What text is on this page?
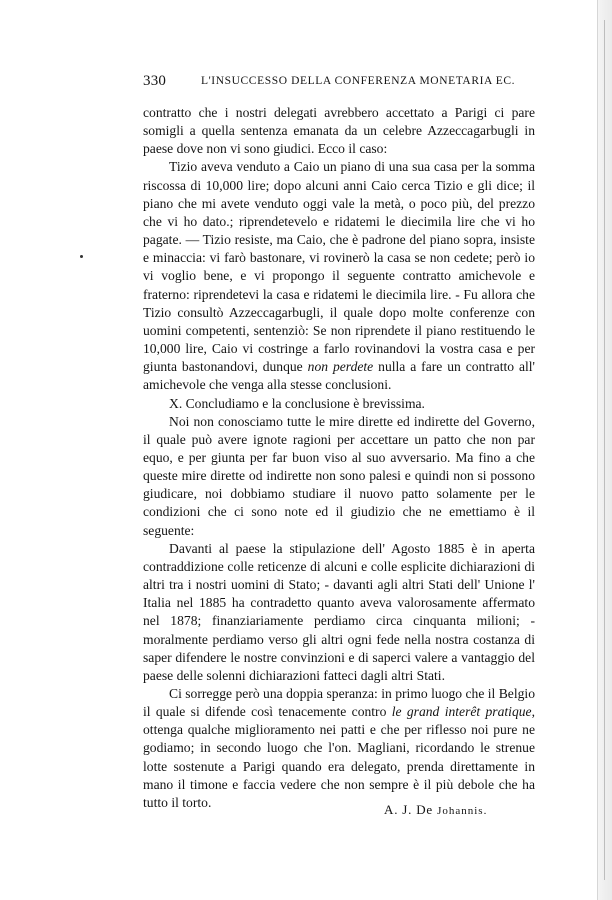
330	L'INSUCCESSO DELLA CONFERENZA MONETARIA EC.

contratto che i nostri delegati avrebbero accettato a Parigi ci pare somigli a quella sentenza emanata da un celebre Azzeccagarbugli in paese dove non vi sono giudici. Ecco il caso:

Tizio aveva venduto a Caio un piano di una sua casa per la somma riscossa di 10,000 lire; dopo alcuni anni Caio cerca Tizio e gli dice; il piano che mi avete venduto oggi vale la metà, o poco più, del prezzo che vi ho dato.; riprendetevelo e ridatemi le diecimila lire che vi ho pagate. — Tizio resiste, ma Caio, che è padrone del piano sopra, insiste e minaccia: vi farò bastonare, vi rovinerò la casa se non cedete; però io vi voglio bene, e vi propongo il seguente contratto amichevole e fraterno: riprendetevi la casa e ridatemi le diecimila lire. - Fu allora che Tizio consultò Azzeccagarbugli, il quale dopo molte conferenze con uomini competenti, sentenziò: Se non riprendete il piano restituendo le 10,000 lire, Caio vi costringe a farlo rovinandovi la vostra casa e per giunta bastonandovi, dunque non perdete nulla a fare un contratto all' amichevole che venga alla stesse conclusioni.

X. Concludiamo e la conclusione è brevissima.

Noi non conosciamo tutte le mire dirette ed indirette del Governo, il quale può avere ignote ragioni per accettare un patto che non par equo, e per giunta per far buon viso al suo avversario. Ma fino a che queste mire dirette od indirette non sono palesi e quindi non si possono giudicare, noi dobbiamo studiare il nuovo patto solamente per le condizioni che ci sono note ed il giudizio che ne emettiamo è il seguente:

Davanti al paese la stipulazione dell' Agosto 1885 è in aperta contraddizione colle reticenze di alcuni e colle esplicite dichiarazioni di altri tra i nostri uomini di Stato; - davanti agli altri Stati dell' Unione l' Italia nel 1885 ha contradetto quanto aveva valorosamente affermato nel 1878; finanziariamente perdiamo circa cinquanta milioni; - moralmente perdiamo verso gli altri ogni fede nella nostra costanza di saper difendere le nostre convinzioni e di saperci valere a vantaggio del paese delle solenni dichiarazioni fatteci dagli altri Stati.

Ci sorregge però una doppia speranza: in primo luogo che il Belgio il quale si difende così tenacemente contro le grand interêt pratique, ottenga qualche miglioramento nei patti e che per riflesso noi pure ne godiamo; in secondo luogo che l'on. Magliani, ricordando le strenue lotte sostenute a Parigi quando era delegato, prenda direttamente in mano il timone e faccia vedere che non sempre è il più debole che ha tutto il torto.	A. J. De Johannis.
